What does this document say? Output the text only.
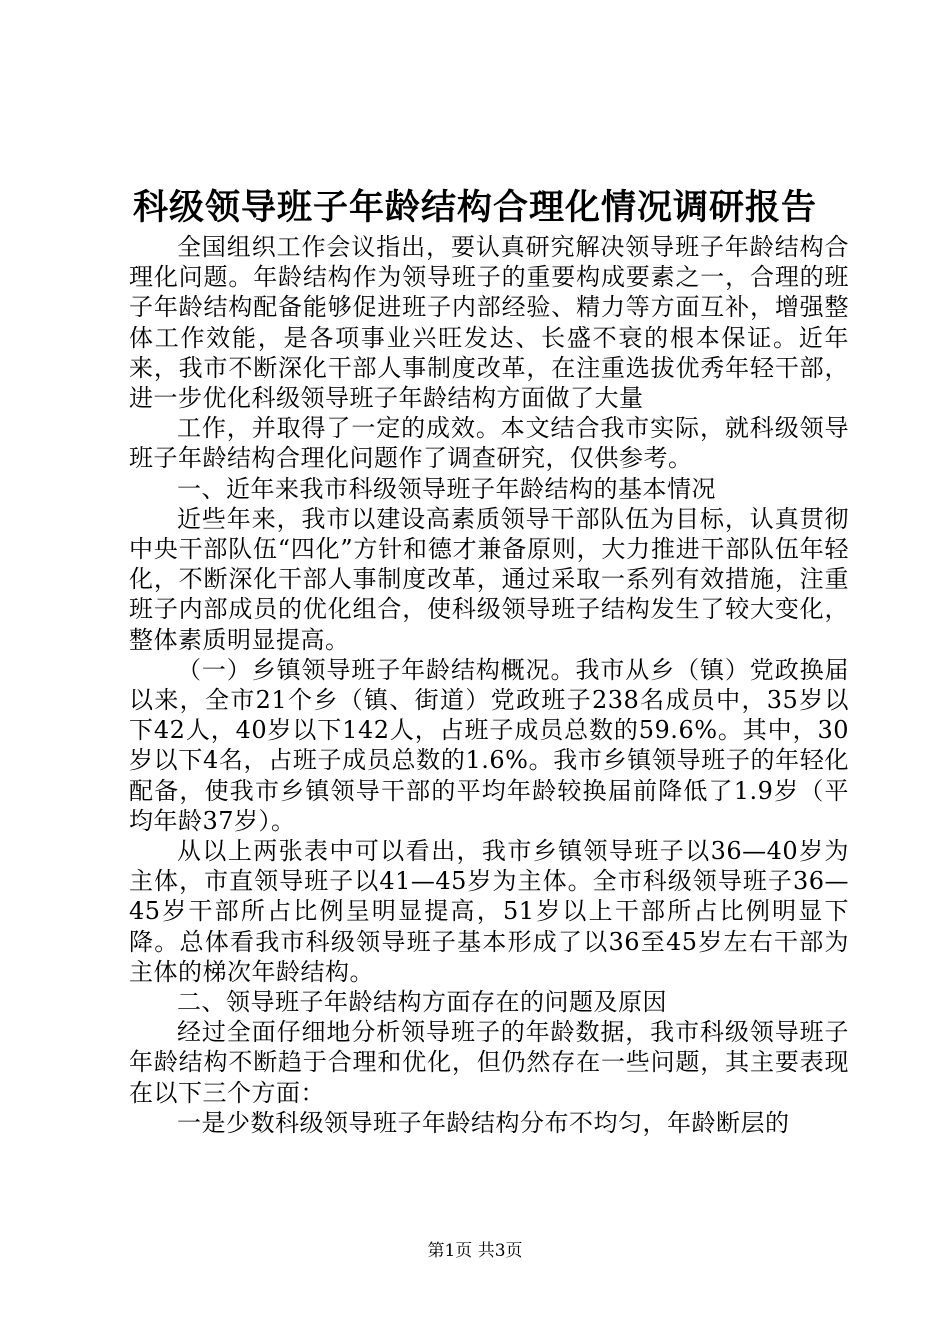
科级领导班子年龄结构合理化情况调研报告

全国组织工作会议指出，要认真研究解决领导班子年龄结构合理化问题。年龄结构作为领导班子的重要构成要素之一，合理的班子年龄结构配备能够促进班子内部经验、精力等方面互补，增强整体工作效能，是各项事业兴旺发达、长盛不衰的根本保证。近年来，我市不断深化干部人事制度改革，在注重选拔优秀年轻干部，进一步优化科级领导班子年龄结构方面做了大量

工作，并取得了一定的成效。本文结合我市实际，就科级领导班子年龄结构合理化问题作了调查研究，仅供参考。

一、近年来我市科级领导班子年龄结构的基本情况

近些年来，我市以建设高素质领导干部队伍为目标，认真贯彻中央干部队伍“四化”方针和德才兼备原则，大力推进干部队伍年轻化，不断深化干部人事制度改革，通过采取一系列有效措施，注重班子内部成员的优化组合，使科级领导班子结构发生了较大变化，整体素质明显提高。

（一）乡镇领导班子年龄结构概况。我市从乡（镇）党政换届以来，全市21个乡（镇、街道）党政班子238名成员中，35岁以下42人，40岁以下142人，占班子成员总数的59.6%。其中，30岁以下4名，占班子成员总数的1.6%。我市乡镇领导班子的年轻化配备，使我市乡镇领导干部的平均年龄较换届前降低了1.9岁（平均年龄37岁）。

从以上两张表中可以看出，我市乡镇领导班子以36—40岁为主体，市直领导班子以41—45岁为主体。全市科级领导班子36—45岁干部所占比例呈明显提高，51岁以上干部所占比例明显下降。总体看我市科级领导班子基本形成了以36至45岁左右干部为主体的梯次年龄结构。

二、领导班子年龄结构方面存在的问题及原因

经过全面仔细地分析领导班子的年龄数据，我市科级领导班子年龄结构不断趋于合理和优化，但仍然存在一些问题，其主要表现在以下三个方面：

一是少数科级领导班子年龄结构分布不均匀，年龄断层的

第1页 共3页
